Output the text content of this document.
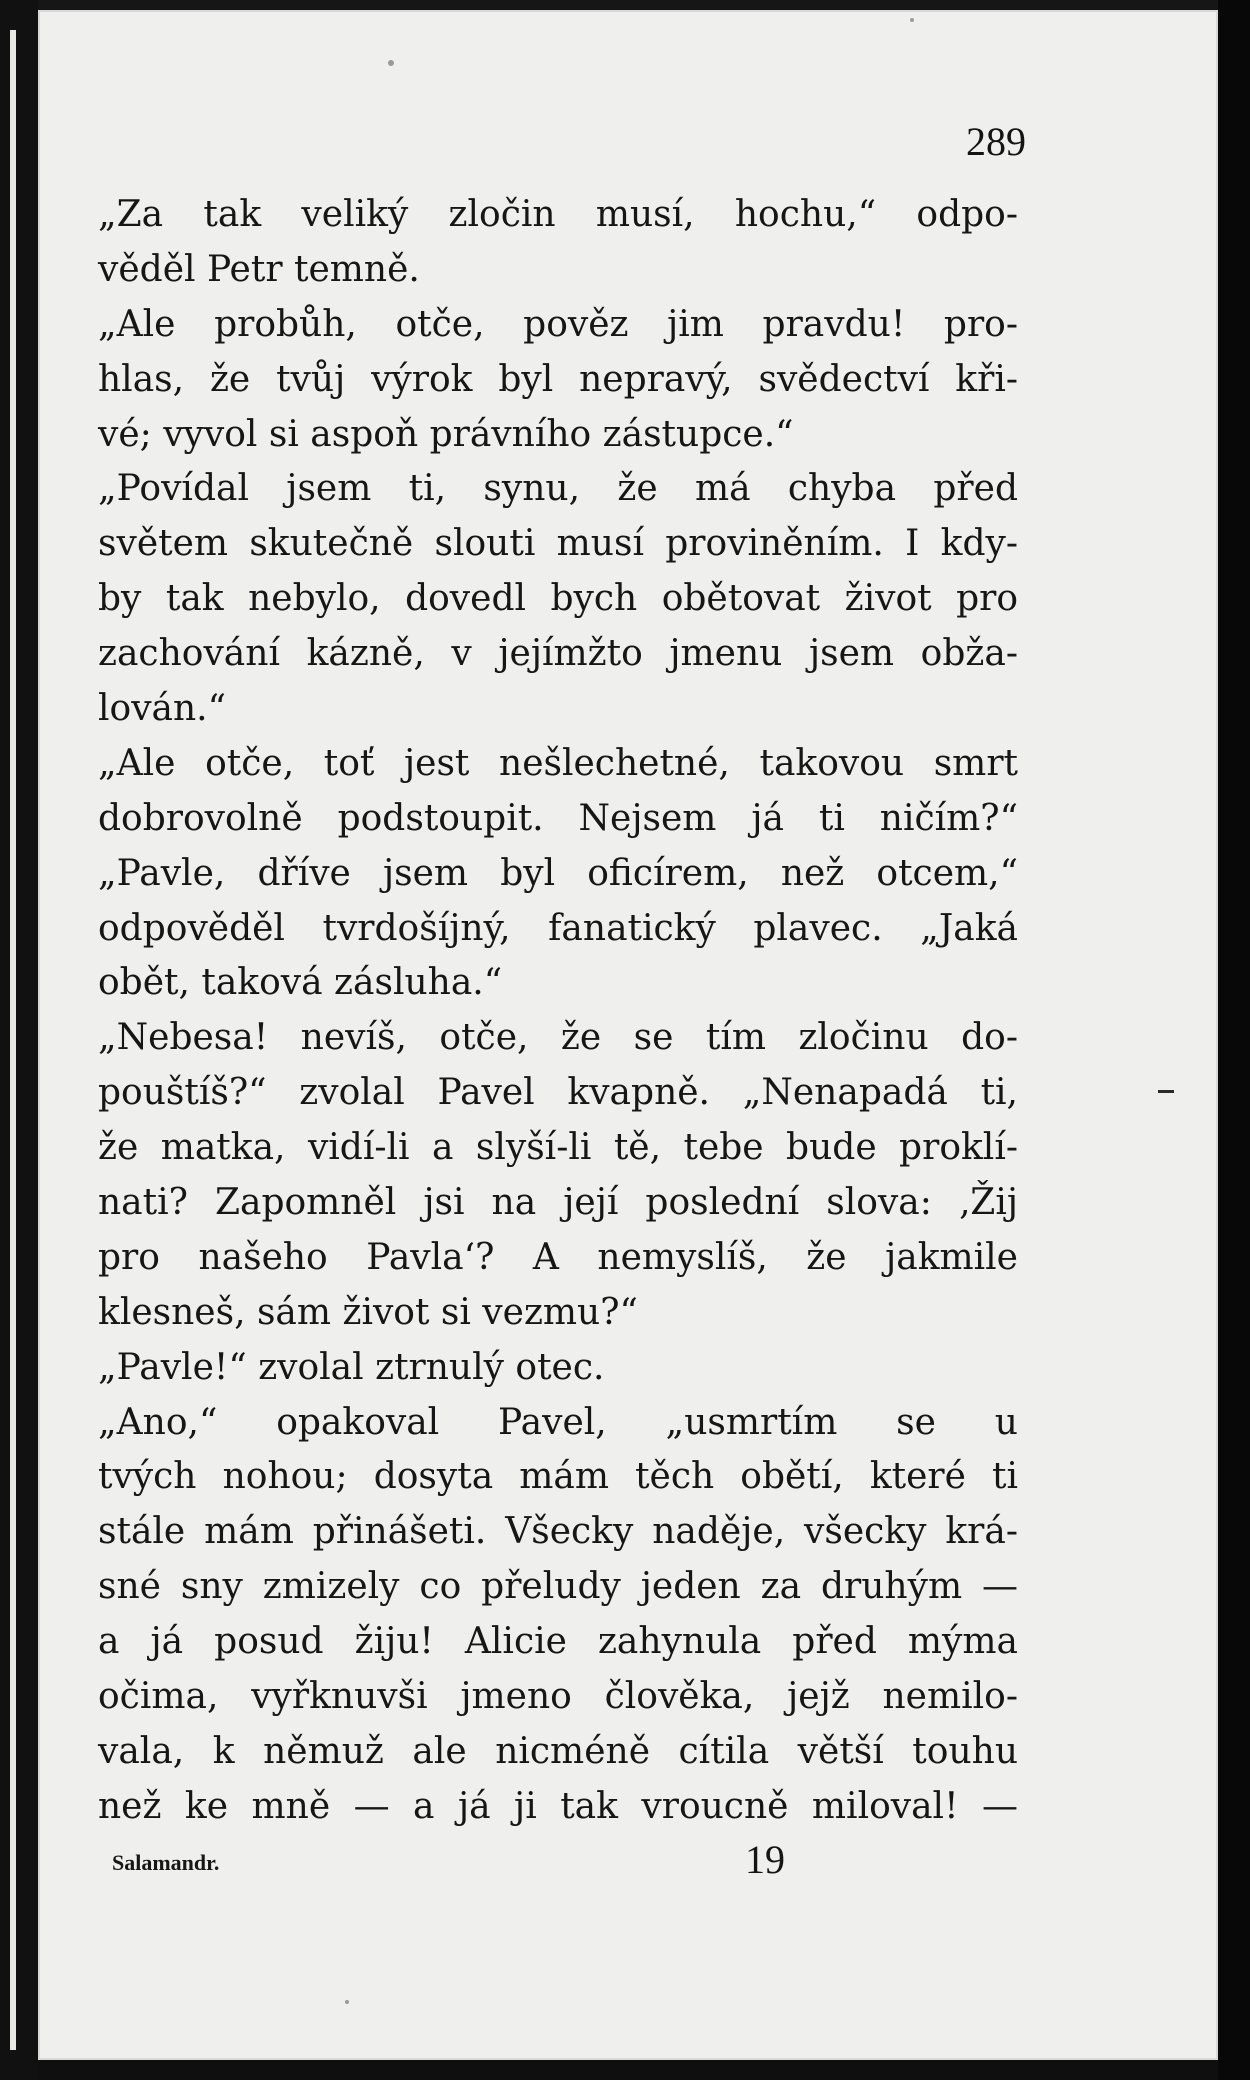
289
„Za tak veliký zločin musí, hochu,“ odpo-
věděl Petr temně.
„Ale probůh, otče, pověz jim pravdu! pro-
hlas, že tvůj výrok byl nepravý, svědectví kři-
vé; vyvol si aspoň právního zástupce.“
„Povídal jsem ti, synu, že má chyba před
světem skutečně slouti musí proviněním. I kdy-
by tak nebylo, dovedl bych obětovat život pro
zachování kázně, v jejímžto jmenu jsem obža-
lován.“
„Ale otče, toť jest nešlechetné, takovou smrt
dobrovolně podstoupit. Nejsem já ti ničím?“
„Pavle, dříve jsem byl oficírem, než otcem,“
odpověděl tvrdošíjný, fanatický plavec. „Jaká
obět, taková zásluha.“
„Nebesa! nevíš, otče, že se tím zločinu do-
pouštíš?“ zvolal Pavel kvapně. „Nenapadá ti,
že matka, vidí-li a slyší-li tě, tebe bude proklí-
nati? Zapomněl jsi na její poslední slova: ‚Žij
pro našeho Pavla‘? A nemyslíš, že jakmile
klesneš, sám život si vezmu?“
„Pavle!“ zvolal ztrnulý otec.
„Ano,“ opakoval Pavel, „usmrtím se u
tvých nohou; dosyta mám těch obětí, které ti
stále mám přinášeti. Všecky naděje, všecky krá-
sné sny zmizely co přeludy jeden za druhým —
a já posud žiju! Alicie zahynula před mýma
očima, vyřknuvši jmeno člověka, jejž nemilo-
vala, k němuž ale nicméně cítila větší touhu
než ke mně — a já ji tak vroucně miloval! —
Salamandr.	19
